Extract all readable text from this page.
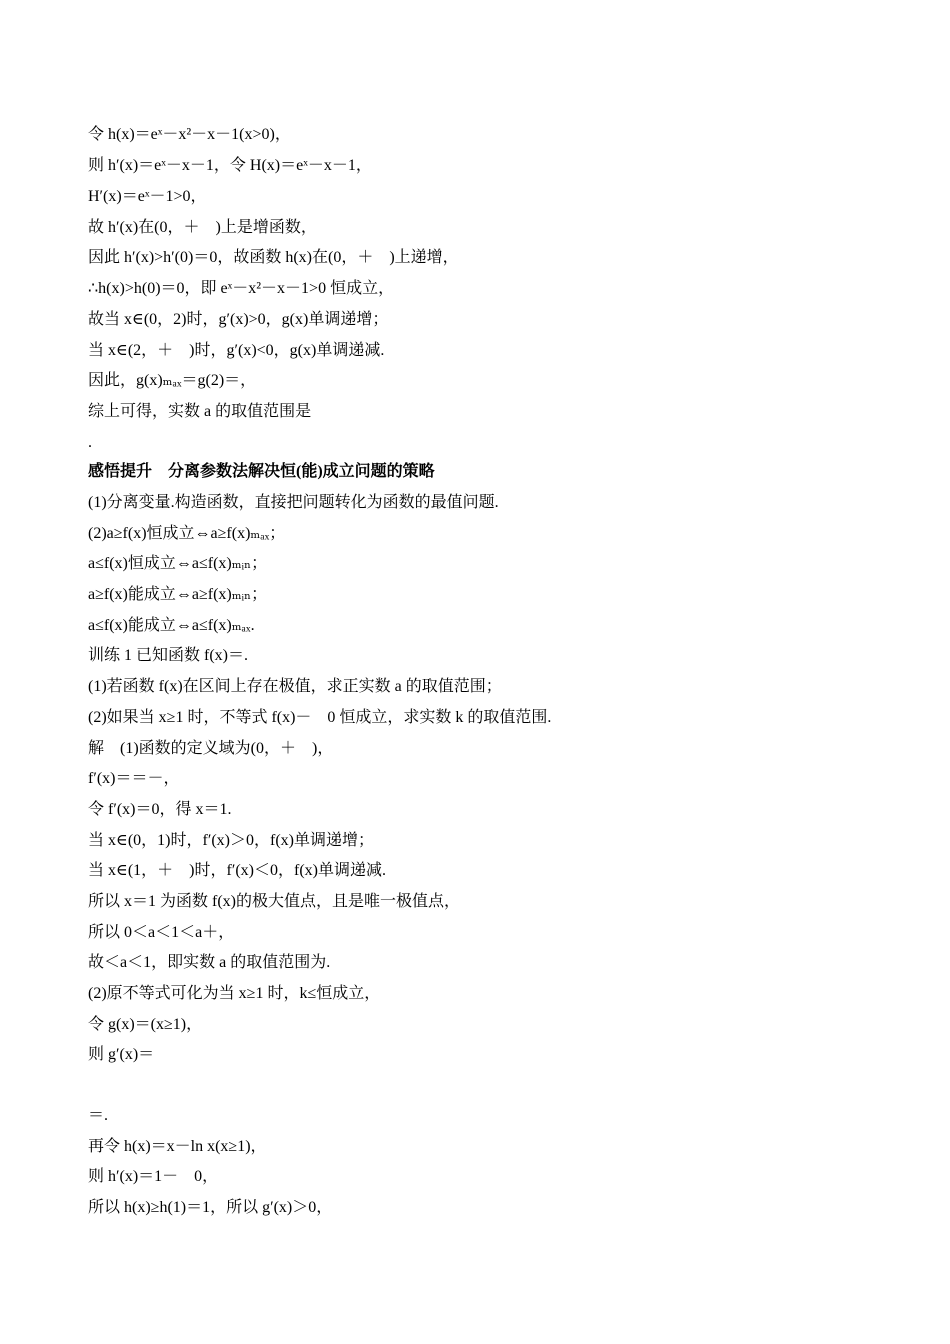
令 h(x)＝eˣ－x²－x－1(x>0)，
则 h′(x)＝eˣ－x－1，令 H(x)＝eˣ－x－1，
H′(x)＝eˣ－1>0，
故 h′(x)在(0，＋　)上是增函数，
因此 h′(x)>h′(0)＝0，故函数 h(x)在(0，＋　)上递增，
∴h(x)>h(0)＝0，即 eˣ－x²－x－1>0 恒成立，
故当 x∈(0，2)时，g′(x)>0，g(x)单调递增；
当 x∈(2，＋　)时，g′(x)<0，g(x)单调递减.
因此，g(x)ₘₐₓ＝g(2)＝，
综上可得，实数 a 的取值范围是
.
感悟提升　分离参数法解决恒(能)成立问题的策略
(1)分离变量.构造函数，直接把问题转化为函数的最值问题.
(2)a≥f(x)恒成立⇔a≥f(x)ₘₐₓ；
a≤f(x)恒成立⇔a≤f(x)ₘᵢₙ；
a≥f(x)能成立⇔a≥f(x)ₘᵢₙ；
a≤f(x)能成立⇔a≤f(x)ₘₐₓ.
训练 1 已知函数 f(x)＝.
(1)若函数 f(x)在区间上存在极值，求正实数 a 的取值范围；
(2)如果当 x≥1 时，不等式 f(x)－　0 恒成立，求实数 k 的取值范围.
解　(1)函数的定义域为(0，＋　)，
f′(x)＝＝－，
令 f′(x)＝0，得 x＝1.
当 x∈(0，1)时，f′(x)＞0，f(x)单调递增；
当 x∈(1，＋　)时，f′(x)＜0，f(x)单调递减.
所以 x＝1 为函数 f(x)的极大值点，且是唯一极值点，
所以 0＜a＜1＜a＋，
故＜a＜1，即实数 a 的取值范围为.
(2)原不等式可化为当 x≥1 时，k≤恒成立，
令 g(x)＝(x≥1)，
则 g′(x)＝
＝.
再令 h(x)＝x－ln x(x≥1)，
则 h′(x)＝1－　0，
所以 h(x)≥h(1)＝1，所以 g′(x)＞0，
